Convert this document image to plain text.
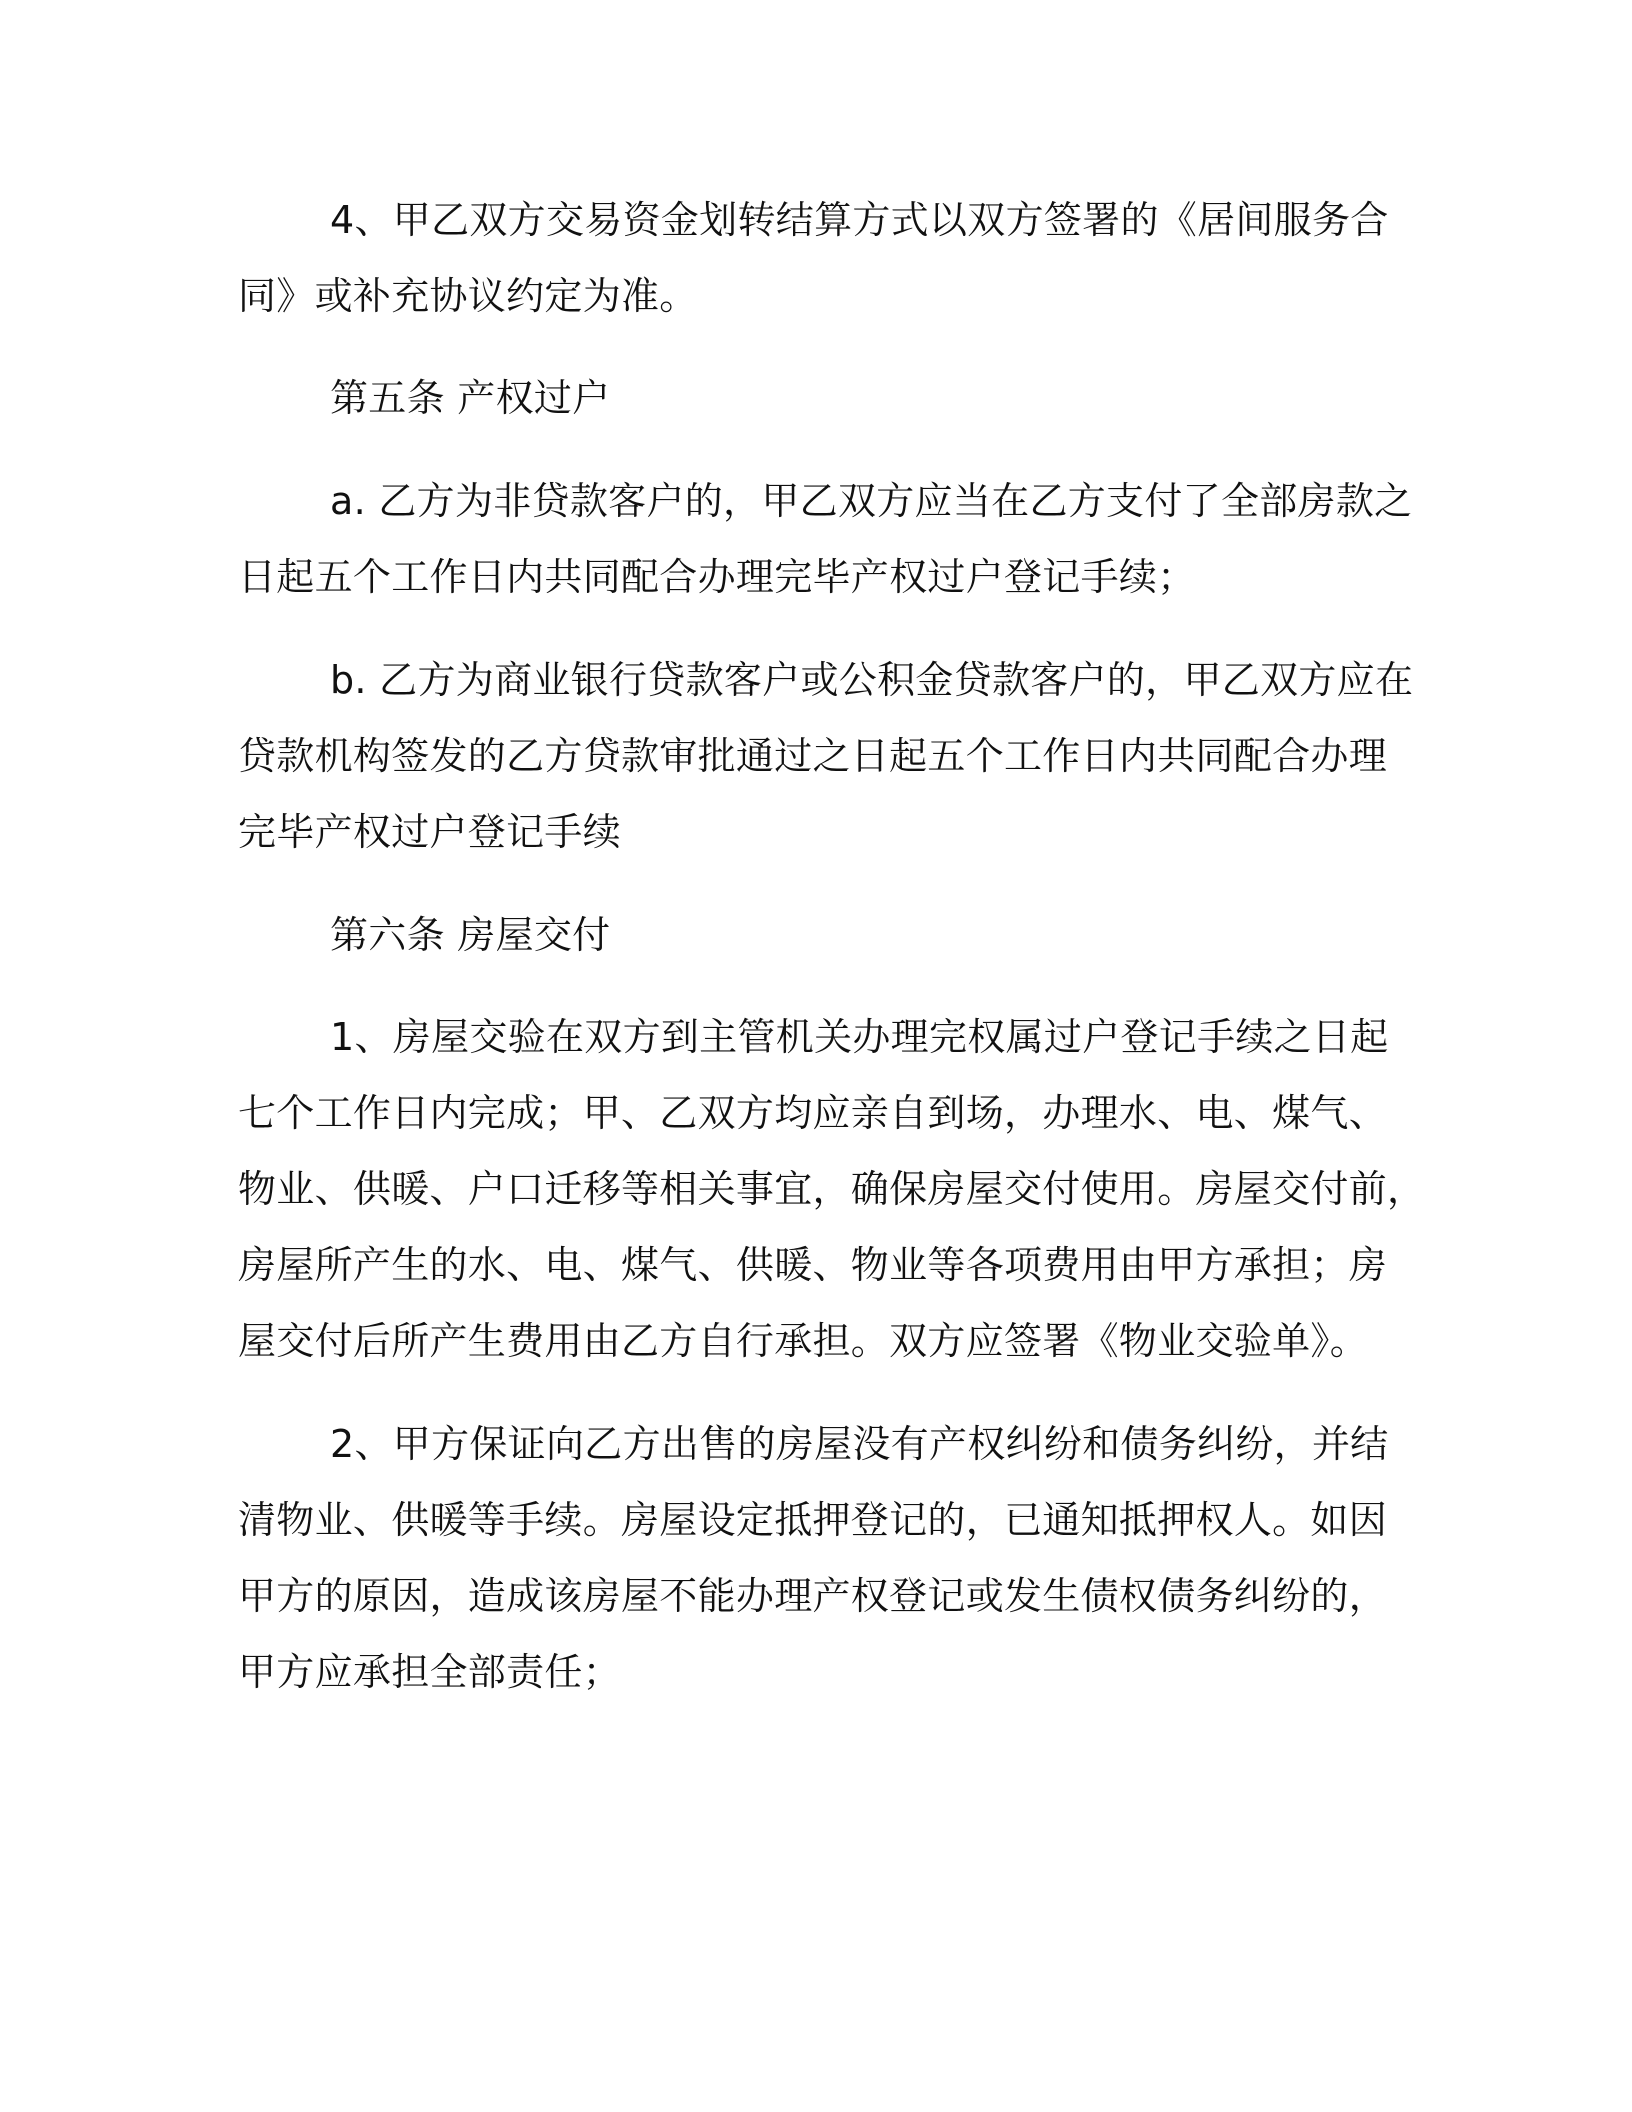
4、甲乙双方交易资金划转结算方式以双方签署的《居间服务合
同》或补充协议约定为准。
第五条 产权过户
a. 乙方为非贷款客户的，甲乙双方应当在乙方支付了全部房款之
日起五个工作日内共同配合办理完毕产权过户登记手续；
b. 乙方为商业银行贷款客户或公积金贷款客户的，甲乙双方应在
贷款机构签发的乙方贷款审批通过之日起五个工作日内共同配合办理
完毕产权过户登记手续
第六条 房屋交付
1、房屋交验在双方到主管机关办理完权属过户登记手续之日起
七个工作日内完成；甲、乙双方均应亲自到场，办理水、电、煤气、
物业、供暖、户口迁移等相关事宜，确保房屋交付使用。房屋交付前，
房屋所产生的水、电、煤气、供暖、物业等各项费用由甲方承担；房
屋交付后所产生费用由乙方自行承担。双方应签署《物业交验单》。
2、甲方保证向乙方出售的房屋没有产权纠纷和债务纠纷，并结
清物业、供暖等手续。房屋设定抵押登记的，已通知抵押权人。如因
甲方的原因，造成该房屋不能办理产权登记或发生债权债务纠纷的，
甲方应承担全部责任；
